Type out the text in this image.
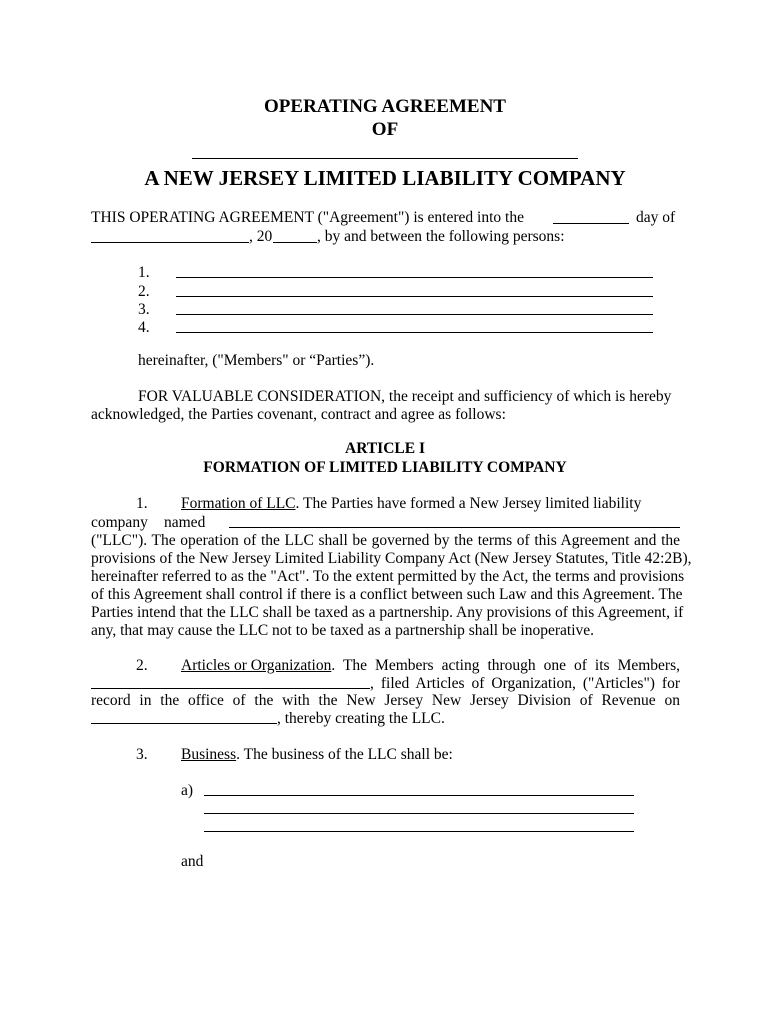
OPERATING AGREEMENT
OF
A NEW JERSEY LIMITED LIABILITY COMPANY
THIS OPERATING AGREEMENT ("Agreement") is entered into the	day of
, 20	, by and between the following persons:
1.
2.
3.
4.
hereinafter, ("Members" or “Parties”).
FOR VALUABLE CONSIDERATION, the receipt and sufficiency of which is hereby
acknowledged, the Parties covenant, contract and agree as follows:
ARTICLE I
FORMATION OF LIMITED LIABILITY COMPANY
1. Formation of LLC. The Parties have formed a New Jersey limited liability
company named
("LLC"). The operation of the LLC shall be governed by the terms of this Agreement and the
provisions of the New Jersey Limited Liability Company Act (New Jersey Statutes, Title 42:2B),
hereinafter referred to as the "Act". To the extent permitted by the Act, the terms and provisions
of this Agreement shall control if there is a conflict between such Law and this Agreement. The
Parties intend that the LLC shall be taxed as a partnership. Any provisions of this Agreement, if
any, that may cause the LLC not to be taxed as a partnership shall be inoperative.
2. Articles or Organization . The Members acting through one of its Members,
, filed Articles of Organization, ("Articles") for
record in the office of the with the New Jersey New Jersey Division of Revenue on
, thereby creating the LLC.
3. Business. The business of the LLC shall be:
a)
and
